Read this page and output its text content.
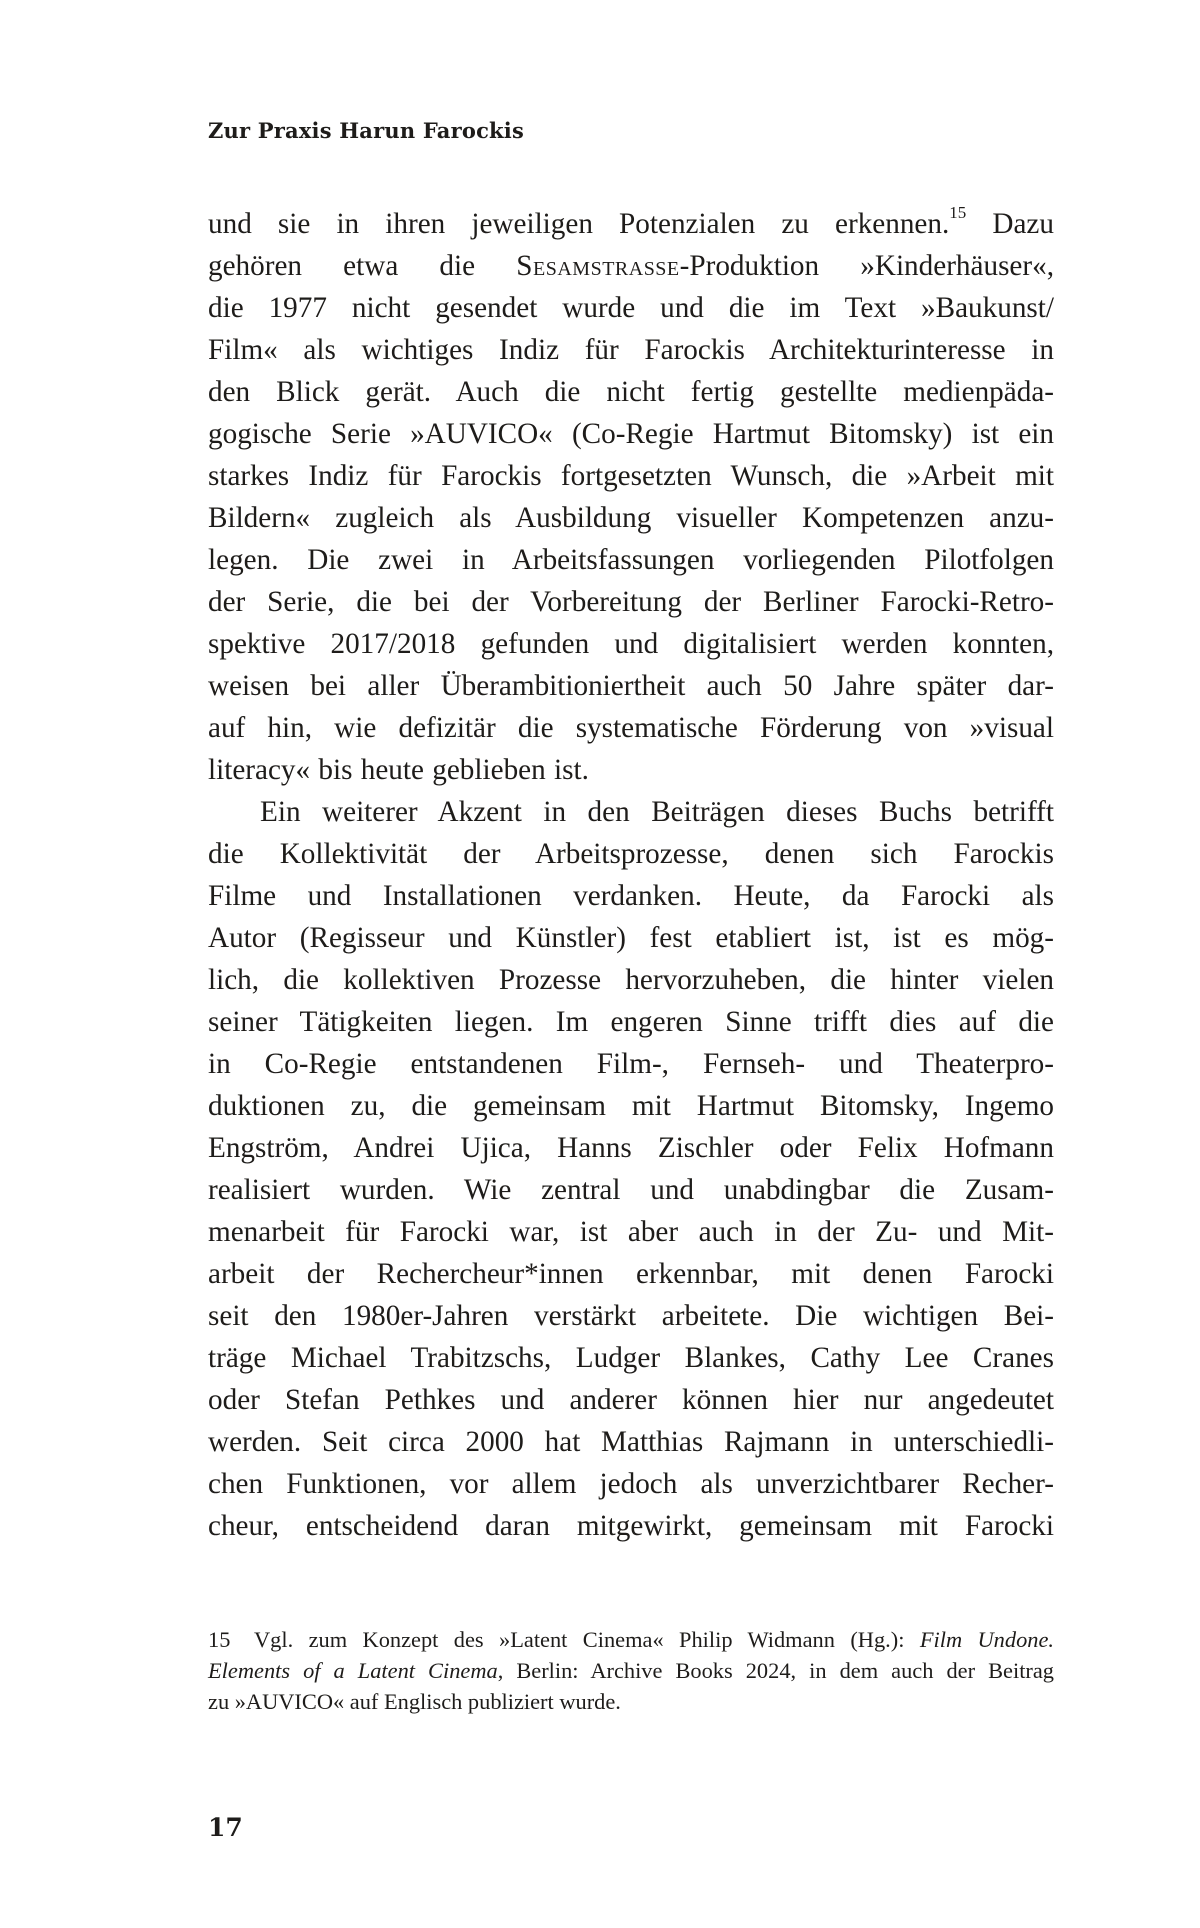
Zur Praxis Harun Farockis
und sie in ihren jeweiligen Potenzialen zu erkennen.$^{15}$ Dazu
gehören etwa die Sesamstrasse-Produktion »Kinderhäuser«,
die 1977 nicht gesendet wurde und die im Text »Baukunst/
Film« als wichtiges Indiz für Farockis Architekturinteresse in
den Blick gerät. Auch die nicht fertig gestellte medienpäda-
gogische Serie »AUVICO« (Co-Regie Hartmut Bitomsky) ist ein
starkes Indiz für Farockis fortgesetzten Wunsch, die »Arbeit mit
Bildern« zugleich als Ausbildung visueller Kompetenzen anzu-
legen. Die zwei in Arbeitsfassungen vorliegenden Pilotfolgen
der Serie, die bei der Vorbereitung der Berliner Farocki-Retro-
spektive 2017/2018 gefunden und digitalisiert werden konnten,
weisen bei aller Überambitioniertheit auch 50 Jahre später dar-
auf hin, wie defizitär die systematische Förderung von »visual
literacy« bis heute geblieben ist.
Ein weiterer Akzent in den Beiträgen dieses Buchs betrifft
die Kollektivität der Arbeitsprozesse, denen sich Farockis
Filme und Installationen verdanken. Heute, da Farocki als
Autor (Regisseur und Künstler) fest etabliert ist, ist es mög-
lich, die kollektiven Prozesse hervorzuheben, die hinter vielen
seiner Tätigkeiten liegen. Im engeren Sinne trifft dies auf die
in Co-Regie entstandenen Film-, Fernseh- und Theaterpro-
duktionen zu, die gemeinsam mit Hartmut Bitomsky, Ingemo
Engström, Andrei Ujica, Hanns Zischler oder Felix Hofmann
realisiert wurden. Wie zentral und unabdingbar die Zusam-
menarbeit für Farocki war, ist aber auch in der Zu- und Mit-
arbeit der Rechercheur*innen erkennbar, mit denen Farocki
seit den 1980er-Jahren verstärkt arbeitete. Die wichtigen Bei-
träge Michael Trabitzschs, Ludger Blankes, Cathy Lee Cranes
oder Stefan Pethkes und anderer können hier nur angedeutet
werden. Seit circa 2000 hat Matthias Rajmann in unterschiedli-
chen Funktionen, vor allem jedoch als unverzichtbarer Recher-
cheur, entscheidend daran mitgewirkt, gemeinsam mit Farocki
15 Vgl. zum Konzept des »Latent Cinema« Philip Widmann (Hg.): Film Undone.
Elements of a Latent Cinema, Berlin: Archive Books 2024, in dem auch der Beitrag
zu »AUVICO« auf Englisch publiziert wurde.
17
